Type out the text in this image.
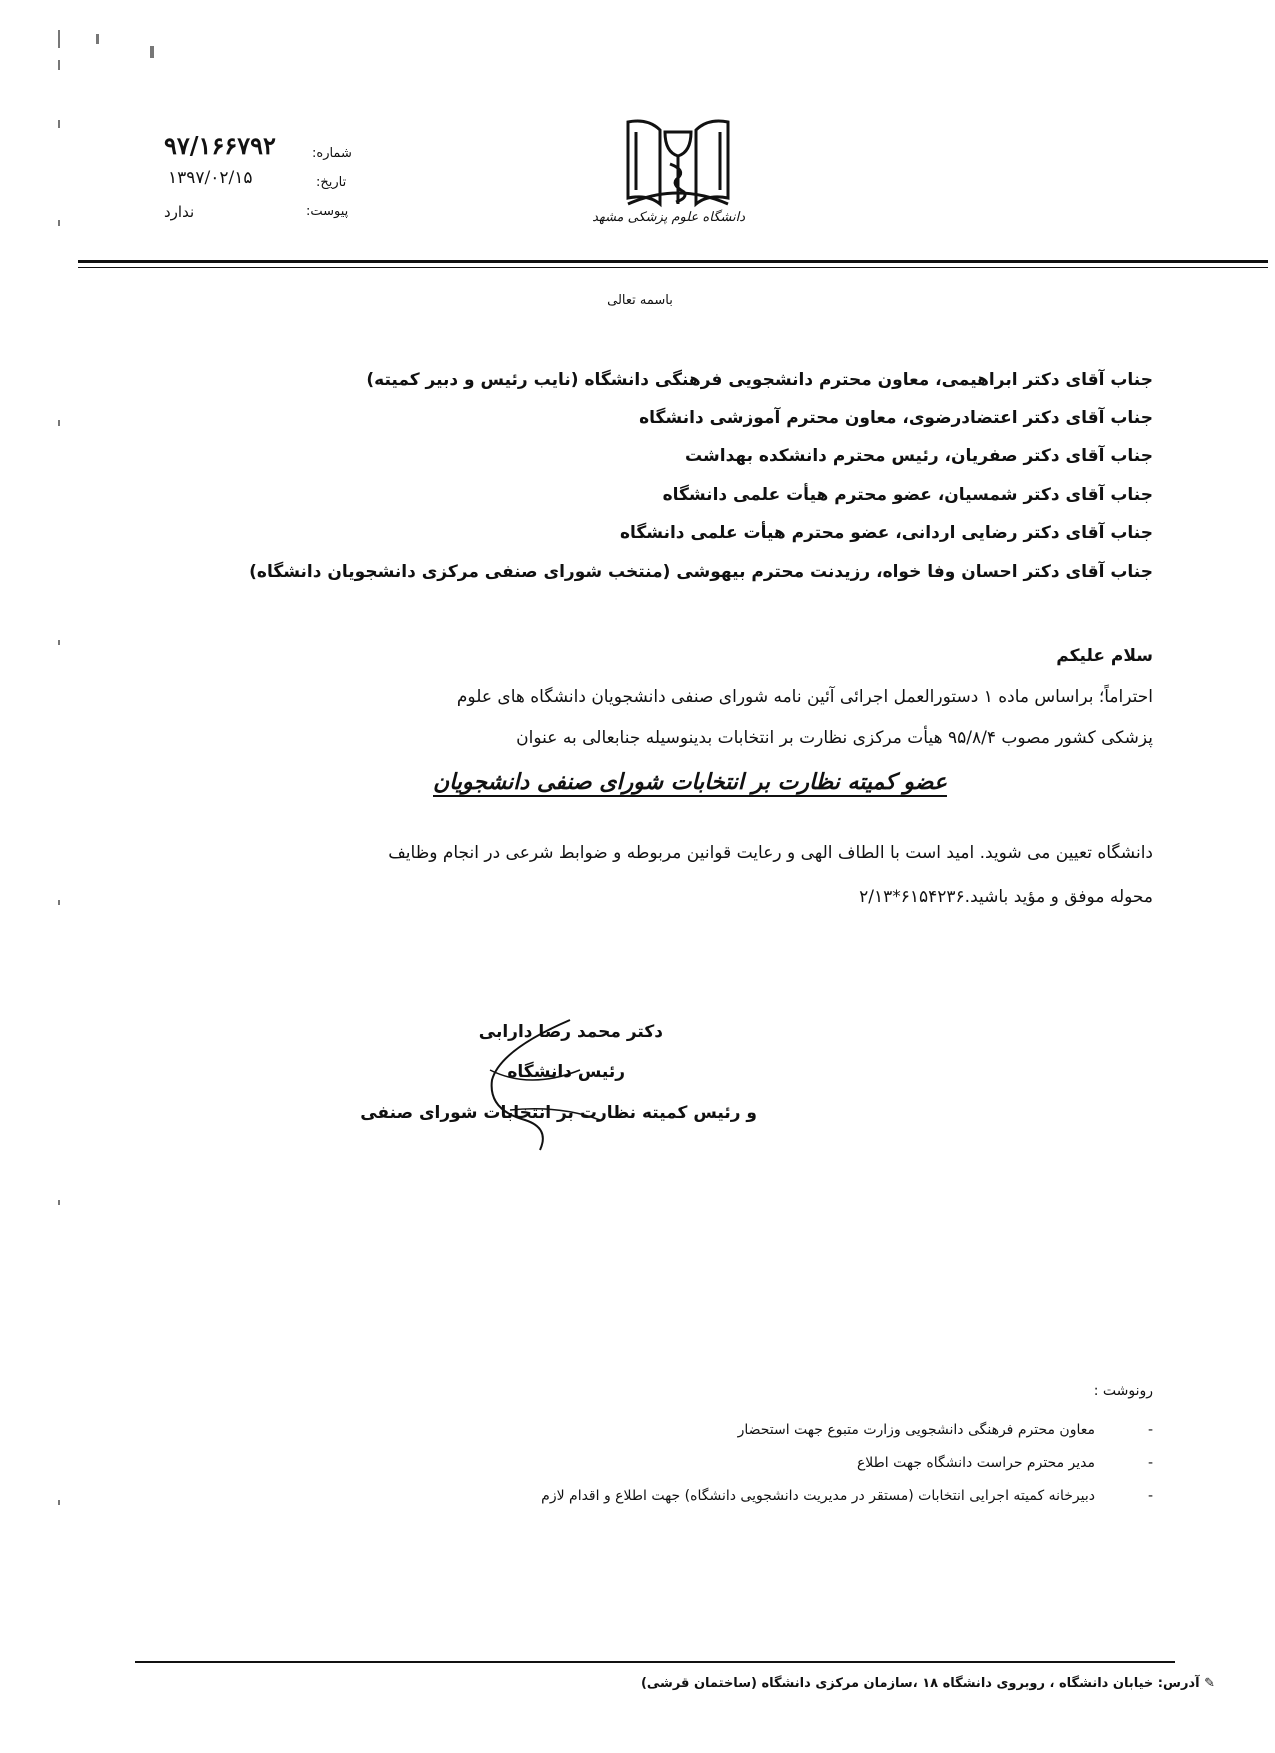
شماره:
۹۷/۱۶۶۷۹۲
تاریخ:
۱۳۹۷/۰۲/۱۵
پیوست:
ندارد	دانشگاه علوم پزشکی مشهد
باسمه تعالی
جناب آقای دکتر ابراهیمی، معاون محترم دانشجویی فرهنگی دانشگاه (نایب رئیس و دبیر کمیته)
جناب آقای دکتر اعتضادرضوی، معاون محترم آموزشی دانشگاه
جناب آقای دکتر صفریان، رئیس محترم دانشکده بهداشت
جناب آقای دکتر شمسیان، عضو محترم هیأت علمی دانشگاه
جناب آقای دکتر رضایی اردانی، عضو محترم هیأت علمی دانشگاه
جناب آقای دکتر احسان وفا خواه، رزیدنت محترم بیهوشی (منتخب شورای صنفی مرکزی دانشجویان دانشگاه)
سلام علیکم
احتراماً؛ براساس ماده ۱ دستورالعمل اجرائی آئین نامه شورای صنفی دانشجویان دانشگاه های علوم
پزشکی کشور مصوب ۹۵/۸/۴ هیأت مرکزی نظارت بر انتخابات بدینوسیله جنابعالی به عنوان
عضو کمیته نظارت بر انتخابات شورای صنفی دانشجویان
دانشگاه تعیین می شوید. امید است با الطاف الهی و رعایت قوانین مربوطه و ضوابط شرعی در انجام وظایف
محوله موفق و مؤید باشید.۶۱۵۴۲۳۶*۲/۱۳
دکتر محمد رضا دارابی
رئیس دانشگاه
و رئیس کمیته نظارت بر انتخابات شورای صنفی
رونوشت :
-
معاون محترم فرهنگی دانشجویی وزارت متبوع جهت استحضار
-
مدیر محترم حراست دانشگاه جهت اطلاع
-
دبیرخانه کمیته اجرایی انتخابات (مستقر در مدیریت دانشجویی دانشگاه) جهت اطلاع و اقدام لازم
✎ آدرس: خیابان دانشگاه ، روبروی دانشگاه ۱۸ ،سازمان مرکزی دانشگاه (ساختمان قرشی)
